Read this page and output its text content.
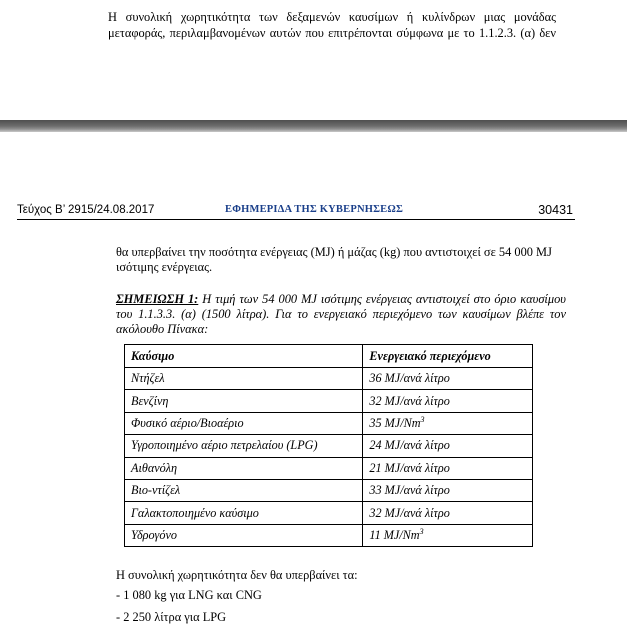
Η συνολική χωρητικότητα των δεξαμενών καυσίμων ή κυλίνδρων μιας μονάδας
μεταφοράς, περιλαμβανομένων αυτών που επιτρέπονται σύμφωνα με το 1.1.2.3. (α) δεν
Τεύχος Β’ 2915/24.08.2017	ΕΦΗΜΕΡΙΔΑ ΤΗΣ ΚΥΒΕΡΝΗΣΕΩΣ	30431
θα υπερβαίνει την ποσότητα ενέργειας (MJ) ή μάζας (kg) που αντιστοιχεί σε 54 000 MJ ισότιμης ενέργειας.
ΣΗΜΕΙΩΣΗ 1: Η τιμή των 54 000 MJ ισότιμης ενέργειας αντιστοιχεί στο όριο καυσίμου του 1.1.3.3. (α) (1500 λίτρα). Για το ενεργειακό περιεχόμενο των καυσίμων βλέπε τον ακόλουθο Πίνακα:
Καύσιμο	Ενεργειακό περιεχόμενο
Ντήζελ	36 MJ/ανά λίτρο
Βενζίνη	32 MJ/ανά λίτρο
Φυσικό αέριο/Βιοαέριο	35 MJ/Nm$^3$
Υγροποιημένο αέριο πετρελαίου (LPG)	24 MJ/ανά λίτρο
Αιθανόλη	21 MJ/ανά λίτρο
Βιο-ντίζελ	33 MJ/ανά λίτρο
Γαλακτοποιημένο καύσιμο	32 MJ/ανά λίτρο
Υδρογόνο	11 MJ/Nm$^3$
Η συνολική χωρητικότητα δεν θα υπερβαίνει τα:
- 1 080 kg για LNG και CNG
- 2 250 λίτρα για LPG
